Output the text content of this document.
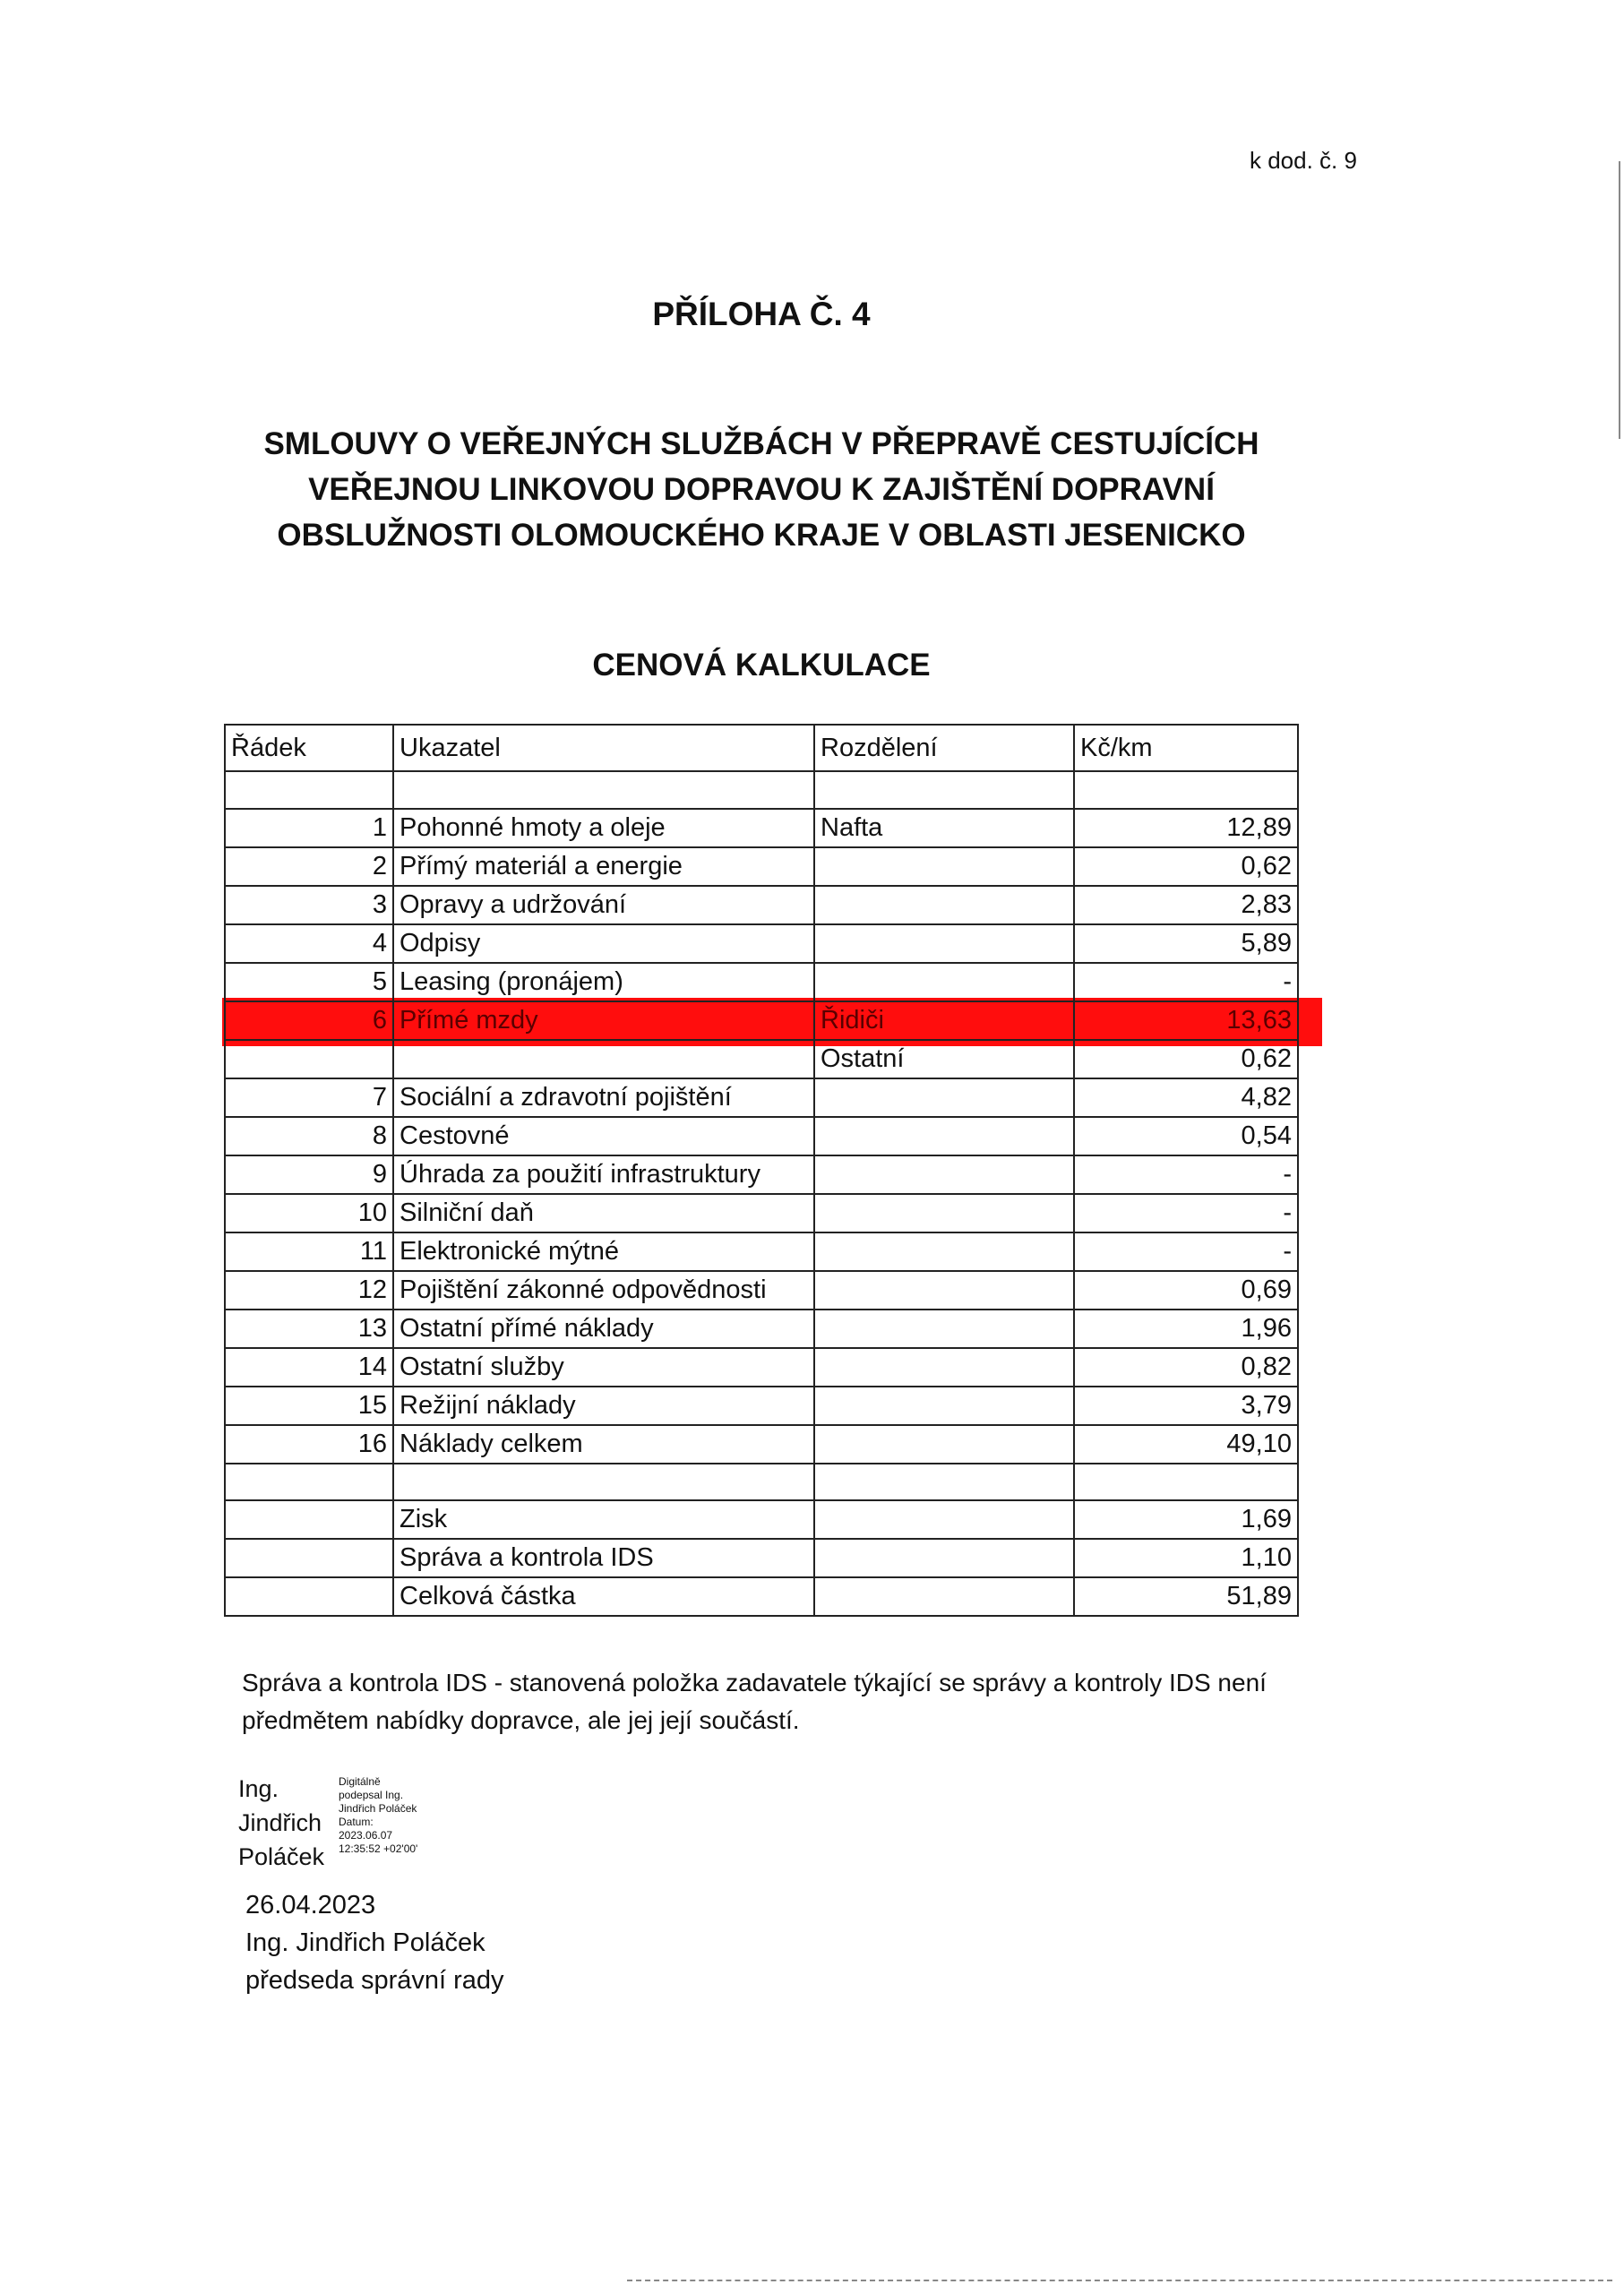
k dod. č. 9
PŘÍLOHA Č. 4
SMLOUVY O VEŘEJNÝCH SLUŽBÁCH V PŘEPRAVĚ CESTUJÍCÍCH
VEŘEJNOU LINKOVOU DOPRAVOU K ZAJIŠTĚNÍ DOPRAVNÍ
OBSLUŽNOSTI OLOMOUCKÉHO KRAJE V OBLASTI JESENICKO
CENOVÁ KALKULACE
Řádek	Ukazatel	Rozdělení	Kč/km

1	Pohonné hmoty a oleje	Nafta	12,89
2	Přímý materiál a energie		0,62
3	Opravy a udržování		2,83
4	Odpisy		5,89
5	Leasing (pronájem)		-
6	Přímé mzdy	Řidiči	13,63
		Ostatní	0,62
7	Sociální a zdravotní pojištění		4,82
8	Cestovné		0,54
9	Úhrada za použití infrastruktury		-
10	Silniční daň		-
11	Elektronické mýtné		-
12	Pojištění zákonné odpovědnosti		0,69
13	Ostatní přímé náklady		1,96
14	Ostatní služby		0,82
15	Režijní náklady		3,79
16	Náklady celkem		49,10

	Zisk		1,69
	Správa a kontrola IDS		1,10
	Celková částka		51,89
Správa a kontrola IDS - stanovená položka zadavatele týkající se správy a kontroly IDS není předmětem nabídky dopravce, ale jej její součástí.
Ing.
Jindřich
Poláček
Digitálně
podepsal Ing.
Jindřich Poláček
Datum:
2023.06.07
12:35:52 +02'00'
26.04.2023
Ing. Jindřich Poláček
předseda správní rady
